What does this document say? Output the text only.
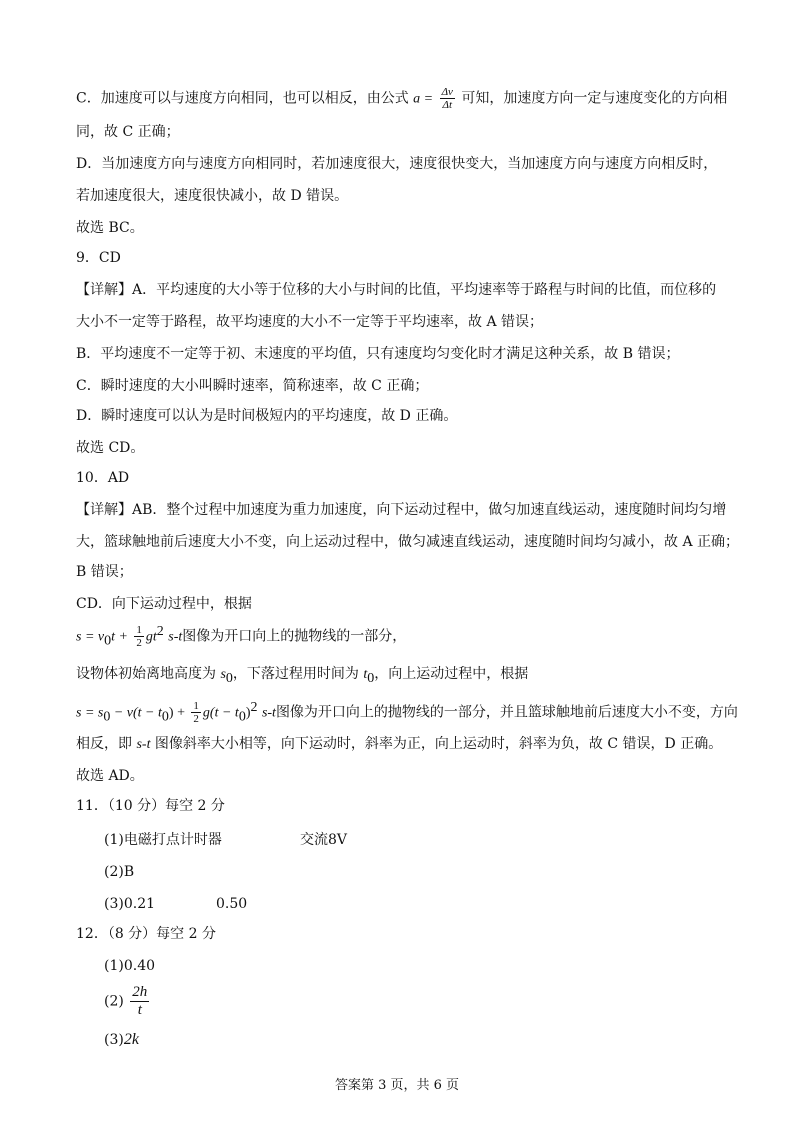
C．加速度可以与速度方向相同，也可以相反，由公式 $a = \frac{\Delta v}{\Delta t}$ 可知，加速度方向一定与速度变化的方向相
同，故 C 正确；
D．当加速度方向与速度方向相同时，若加速度很大，速度很快变大，当加速度方向与速度方向相反时，
若加速度很大，速度很快减小，故 D 错误。
故选 BC。
9．CD
【详解】A．平均速度的大小等于位移的大小与时间的比值，平均速率等于路程与时间的比值，而位移的
大小不一定等于路程，故平均速度的大小不一定等于平均速率，故 A 错误；
B．平均速度不一定等于初、末速度的平均值，只有速度均匀变化时才满足这种关系，故 B 错误；
C．瞬时速度的大小叫瞬时速率，简称速率，故 C 正确；
D．瞬时速度可以认为是时间极短内的平均速度，故 D 正确。
故选 CD。
10．AD
【详解】AB．整个过程中加速度为重力加速度，向下运动过程中，做匀加速直线运动，速度随时间均匀增
大，篮球触地前后速度大小不变，向上运动过程中，做匀减速直线运动，速度随时间均匀减小，故 A 正确；
B 错误；
CD．向下运动过程中，根据
$s = v_0t + \frac{1}{2} gt^2$ s-t图像为开口向上的抛物线的一部分，
设物体初始离地高度为 $s_0$，下落过程用时间为 $t_0$，向上运动过程中，根据
$s = s_0 - v(t - t_0) + \frac{1}{2} g(t - t_0)^2$ s-t图像为开口向上的抛物线的一部分，并且篮球触地前后速度大小不变，方向
相反，即 s-t 图像斜率大小相等，向下运动时，斜率为正，向上运动时，斜率为负，故 C 错误，D 正确。
故选 AD。
11．（10 分）每空 2 分
(1)电磁打点计时器	交流8V
(2)B
(3)0.21	0.50
12．（8 分）每空 2 分
(1)0.40
$(2) \frac{2h}{t}$
(3)2k
答案第 3 页，共 6 页
